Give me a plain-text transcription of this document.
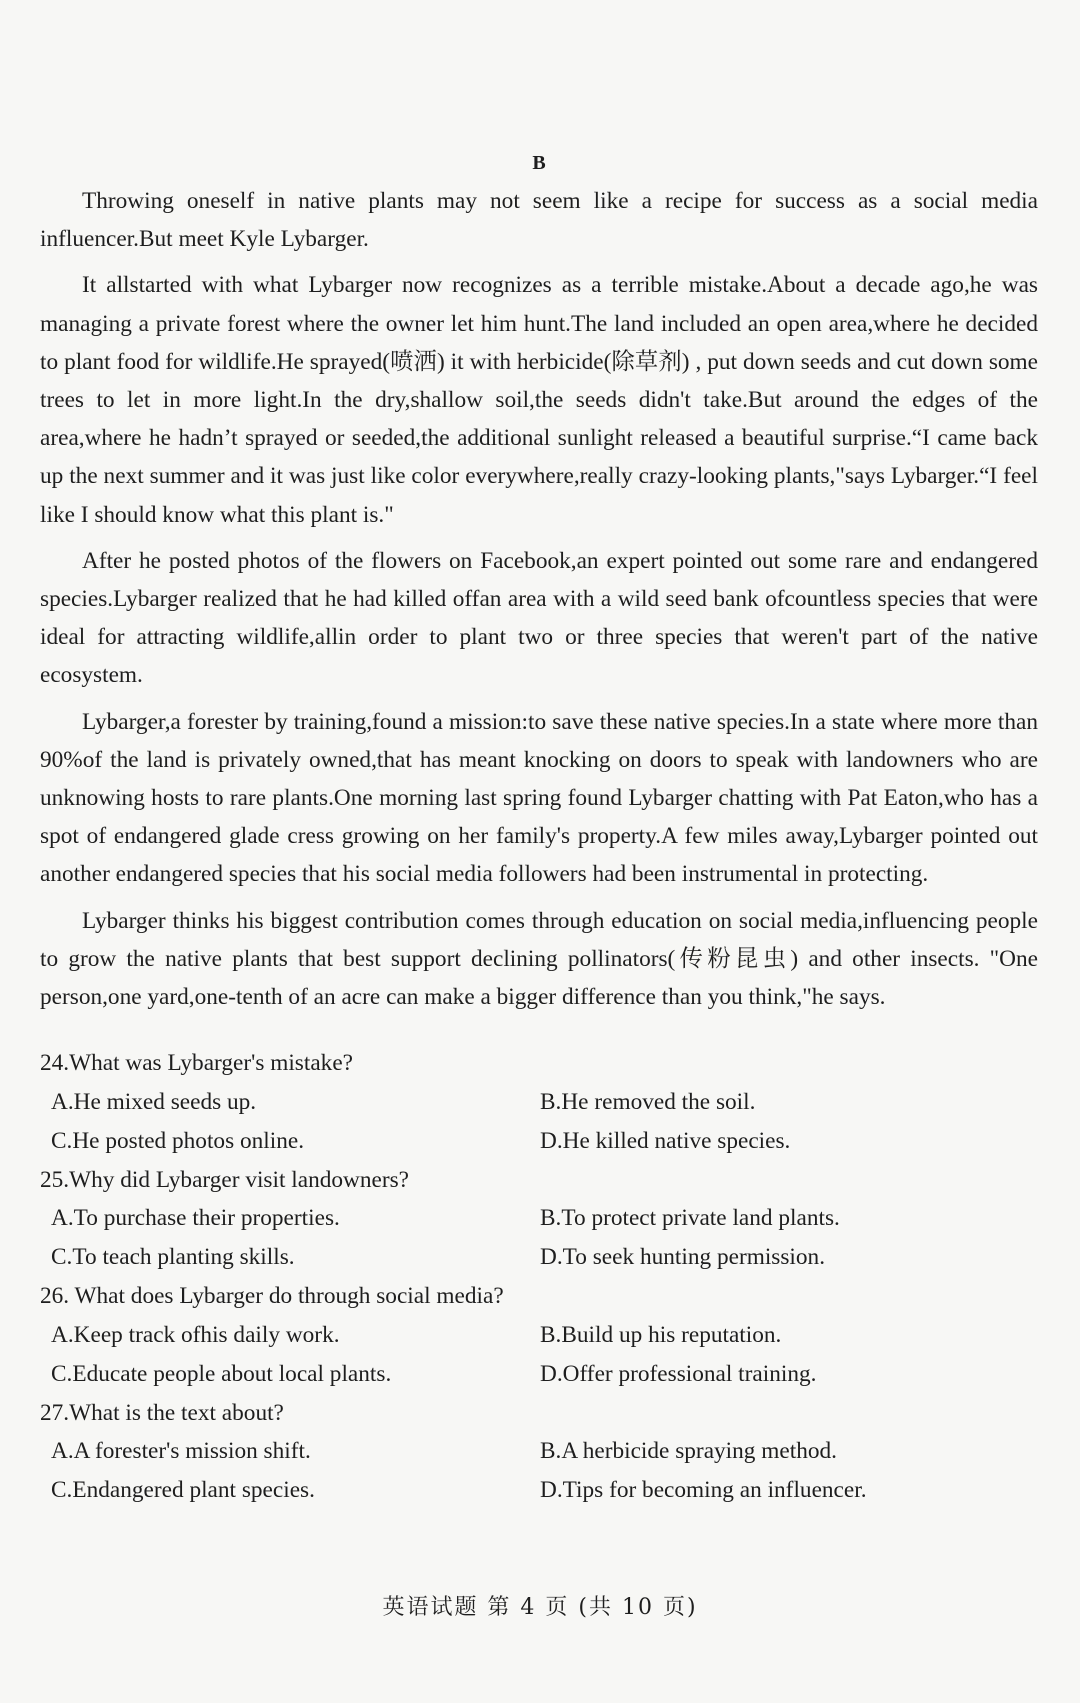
B

Throwing oneself in native plants may not seem like a recipe for success as a social media influencer.But meet Kyle Lybarger.

It allstarted with what Lybarger now recognizes as a terrible mistake.About a decade ago,he was managing a private forest where the owner let him hunt.The land included an open area,where he decided to plant food for wildlife.He sprayed(喷洒) it with herbicide(除草剂) , put down seeds and cut down some trees to let in more light.In the dry,shallow soil,the seeds didn't take.But around the edges of the area,where he hadn’t sprayed or seeded,the additional sunlight released a beautiful surprise.“I came back up the next summer and it was just like color everywhere,really crazy-looking plants,"says Lybarger.“I feel like I should know what this plant is."

After he posted photos of the flowers on Facebook,an expert pointed out some rare and endangered species.Lybarger realized that he had killed offan area with a wild seed bank ofcountless species that were ideal for attracting wildlife,allin order to plant two or three species that weren't part of the native ecosystem.

Lybarger,a forester by training,found a mission:to save these native species.In a state where more than 90%of the land is privately owned,that has meant knocking on doors to speak with landowners who are unknowing hosts to rare plants.One morning last spring found Lybarger chatting with Pat Eaton,who has a spot of endangered glade cress growing on her family's property.A few miles away,Lybarger pointed out another endangered species that his social media followers had been instrumental in protecting.

Lybarger thinks his biggest contribution comes through education on social media,influencing people to grow the native plants that best support declining pollinators(传粉昆虫) and other insects. "One person,one yard,one-tenth of an acre can make a bigger difference than you think,"he says.

24.What was Lybarger's mistake?
A.He mixed seeds up.	B.He removed the soil.
C.He posted photos online.	D.He killed native species.
25.Why did Lybarger visit landowners?
A.To purchase their properties.	B.To protect private land plants.
C.To teach planting skills.	D.To seek hunting permission.
26. What does Lybarger do through social media?
A.Keep track ofhis daily work.	B.Build up his reputation.
C.Educate people about local plants.	D.Offer professional training.
27.What is the text about?
A.A forester's mission shift.	B.A herbicide spraying method.
C.Endangered plant species.	D.Tips for becoming an influencer.
英语试题 第 4 页 (共 10 页)
